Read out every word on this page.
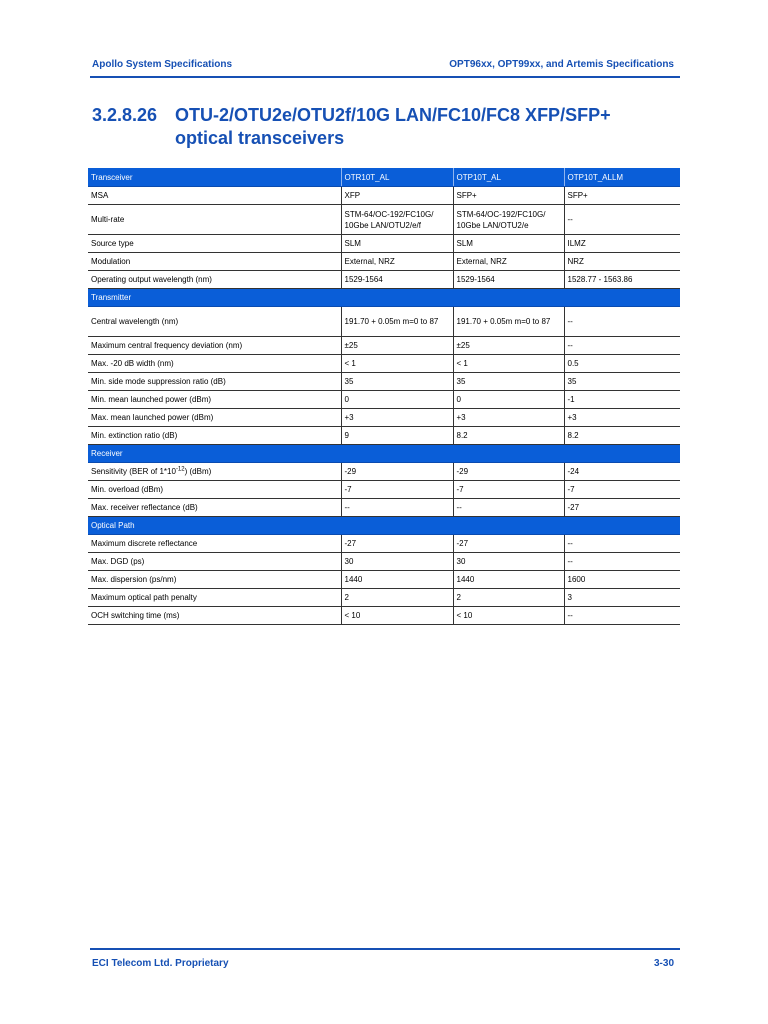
Apollo System Specifications	OPT96xx, OPT99xx, and Artemis Specifications
3.2.8.26 OTU-2/OTU2e/OTU2f/10G LAN/FC10/FC8 XFP/SFP+
optical transceivers
Transceiver	OTR10T_AL	OTP10T_AL	OTP10T_ALLM
MSA	XFP	SFP+	SFP+
Multi-rate	STM-64/OC-192/FC10G/ 10Gbe LAN/OTU2/e/f	STM-64/OC-192/FC10G/ 10Gbe LAN/OTU2/e	--
Source type	SLM	SLM	ILMZ
Modulation	External, NRZ	External, NRZ	NRZ
Operating output wavelength (nm)	1529-1564	1529-1564	1528.77 - 1563.86
Transmitter			
Central wavelength (nm)	191.70 + 0.05m m=0 to 87	191.70 + 0.05m m=0 to 87	--
Maximum central frequency deviation (nm)	±25	±25	--
Max. -20 dB width (nm)	< 1	< 1	0.5
Min. side mode suppression ratio (dB)	35	35	35
Min. mean launched power (dBm)	0	0	-1
Max. mean launched power (dBm)	+3	+3	+3
Min. extinction ratio (dB)	9	8.2	8.2
Receiver			
Sensitivity (BER of $1*10^{-12}$) (dBm)	-29	-29	-24
Min. overload (dBm)	-7	-7	-7
Max. receiver reflectance (dB)	--	--	-27
Optical Path			
Maximum discrete reflectance	-27	-27	--
Max. DGD (ps)	30	30	--
Max. dispersion (ps/nm)	1440	1440	1600
Maximum optical path penalty	2	2	3
OCH switching time (ms)	< 10	< 10	--
ECI Telecom Ltd. Proprietary	3-30
